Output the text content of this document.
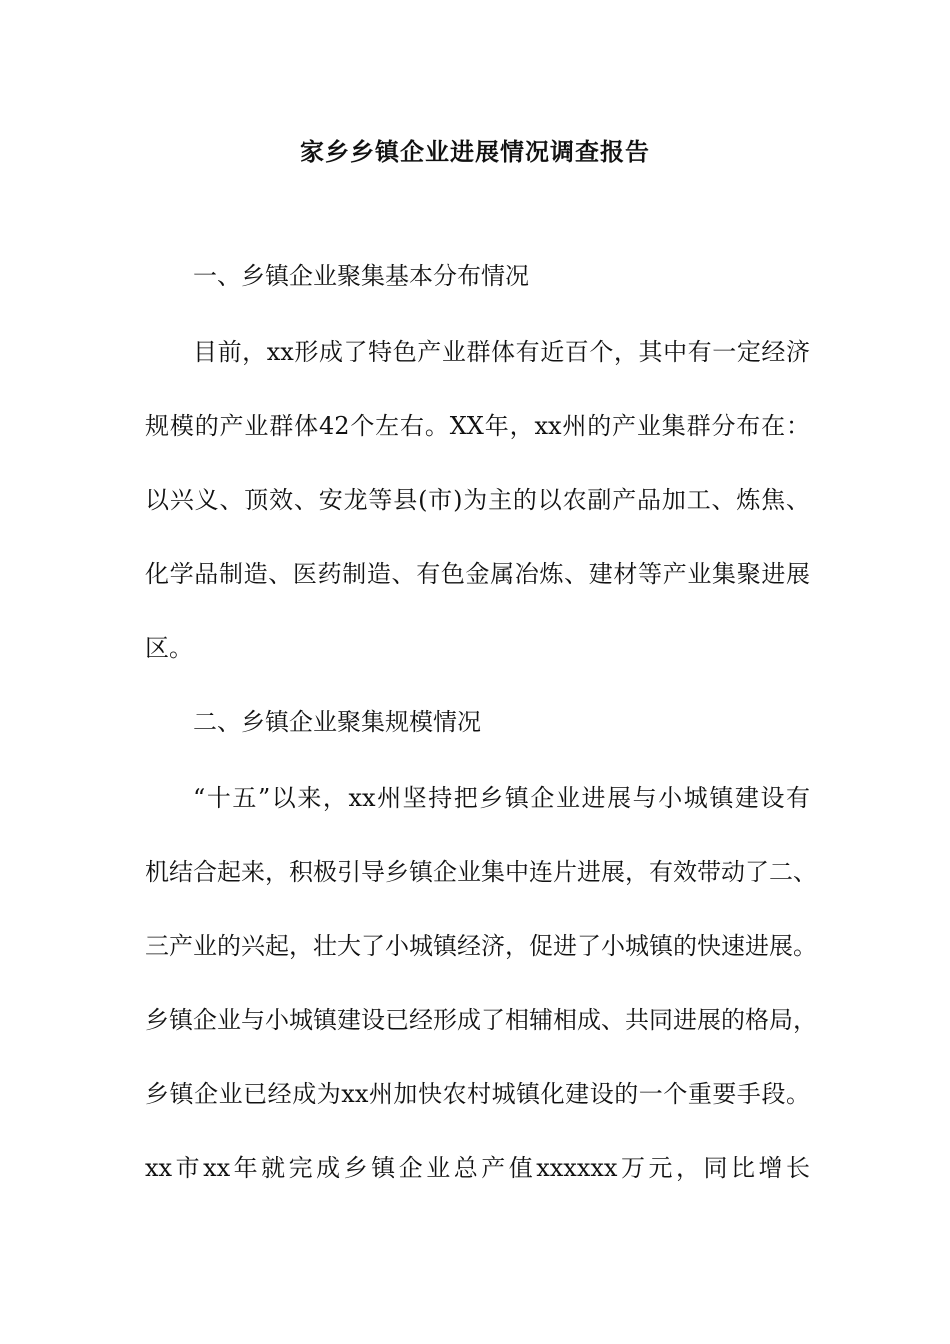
家乡乡镇企业进展情况调查报告
一、乡镇企业聚集基本分布情况
目前，xx形成了特色产业群体有近百个，其中有一定经济
规模的产业群体42个左右。XX年，xx州的产业集群分布在：
以兴义、顶效、安龙等县(市)为主的以农副产品加工、炼焦、
化学品制造、医药制造、有色金属冶炼、建材等产业集聚进展
区。
二、乡镇企业聚集规模情况
“十五”以来，xx州坚持把乡镇企业进展与小城镇建设有
机结合起来，积极引导乡镇企业集中连片进展，有效带动了二、
三产业的兴起，壮大了小城镇经济，促进了小城镇的快速进展。
乡镇企业与小城镇建设已经形成了相辅相成、共同进展的格局，
乡镇企业已经成为xx州加快农村城镇化建设的一个重要手段。
xx市xx年就完成乡镇企业总产值xxxxxx万元，同比增长
